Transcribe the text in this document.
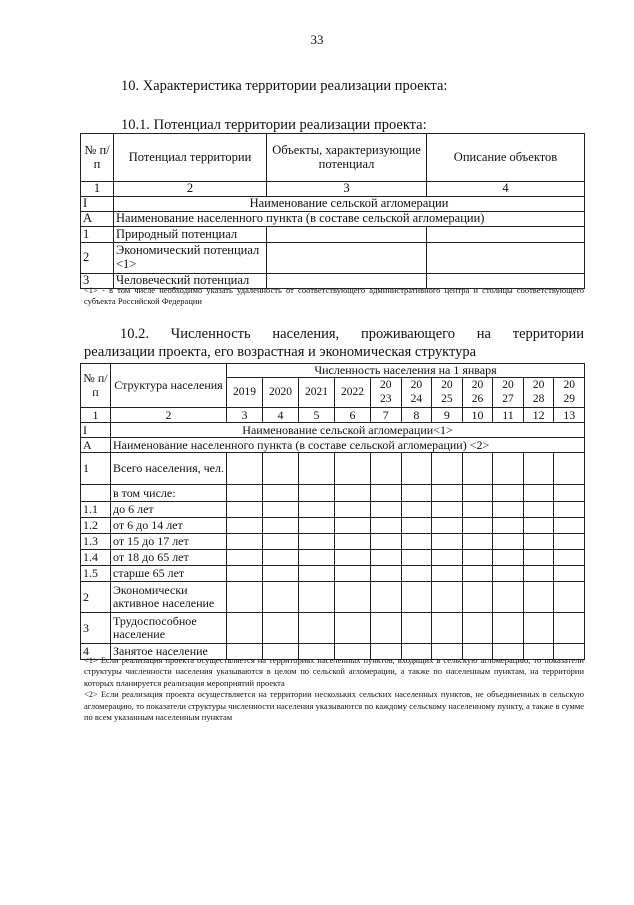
33
10. Характеристика территории реализации проекта:
10.1. Потенциал территории реализации проекта:
№ п/п	Потенциал территории	Объекты, характеризующие потенциал	Описание объектов
1	2	3	4
I	Наименование сельской агломерации		
А	Наименование населенного пункта (в составе сельской агломерации)		
1	Природный потенциал		
2	Экономический потенциал <1>		
3	Человеческий потенциал		
<1> - в том числе необходимо указать удаленность от соответствующего административного центра и столицы соответствующего субъекта Российской Федерации
10.2. Численность населения, проживающего на территории
реализации проекта, его возрастная и экономическая структура
№ п/п	Структура населения	Численность населения на 1 января										
		2019	2020	2021	2022	20 23	20 24	20 25	20 26	20 27	20 28	20 29
1	2	3	4	5	6	7	8	9	10	11	12	13
I	Наименование сельской агломерации<1>											
А	Наименование населенного пункта (в составе сельской агломерации) <2>											
1	Всего населения, чел.											
	в том числе:											
1.1	до 6 лет											
1.2	от 6 до 14 лет											
1.3	от 15 до 17 лет											
1.4	от 18 до 65 лет											
1.5	старше 65 лет											
2	Экономически активное население											
3	Трудоспособное население											
4	Занятое население											

<1> Если реализация проекта осуществляется на территориях населенных пунктов, входящих в сельскую агломерацию, то показатели структуры численности населения указываются в целом по сельской агломерации, а также по населенным пунктам, на территории которых планируется реализация мероприятий проекта

<2> Если реализация проекта осуществляется на территории нескольких сельских населенных пунктов, не объединенных в сельскую агломерацию, то показатели структуры численности населения указываются по каждому сельскому населенному пункту, а также в сумме по всем указанным населенным пунктам
